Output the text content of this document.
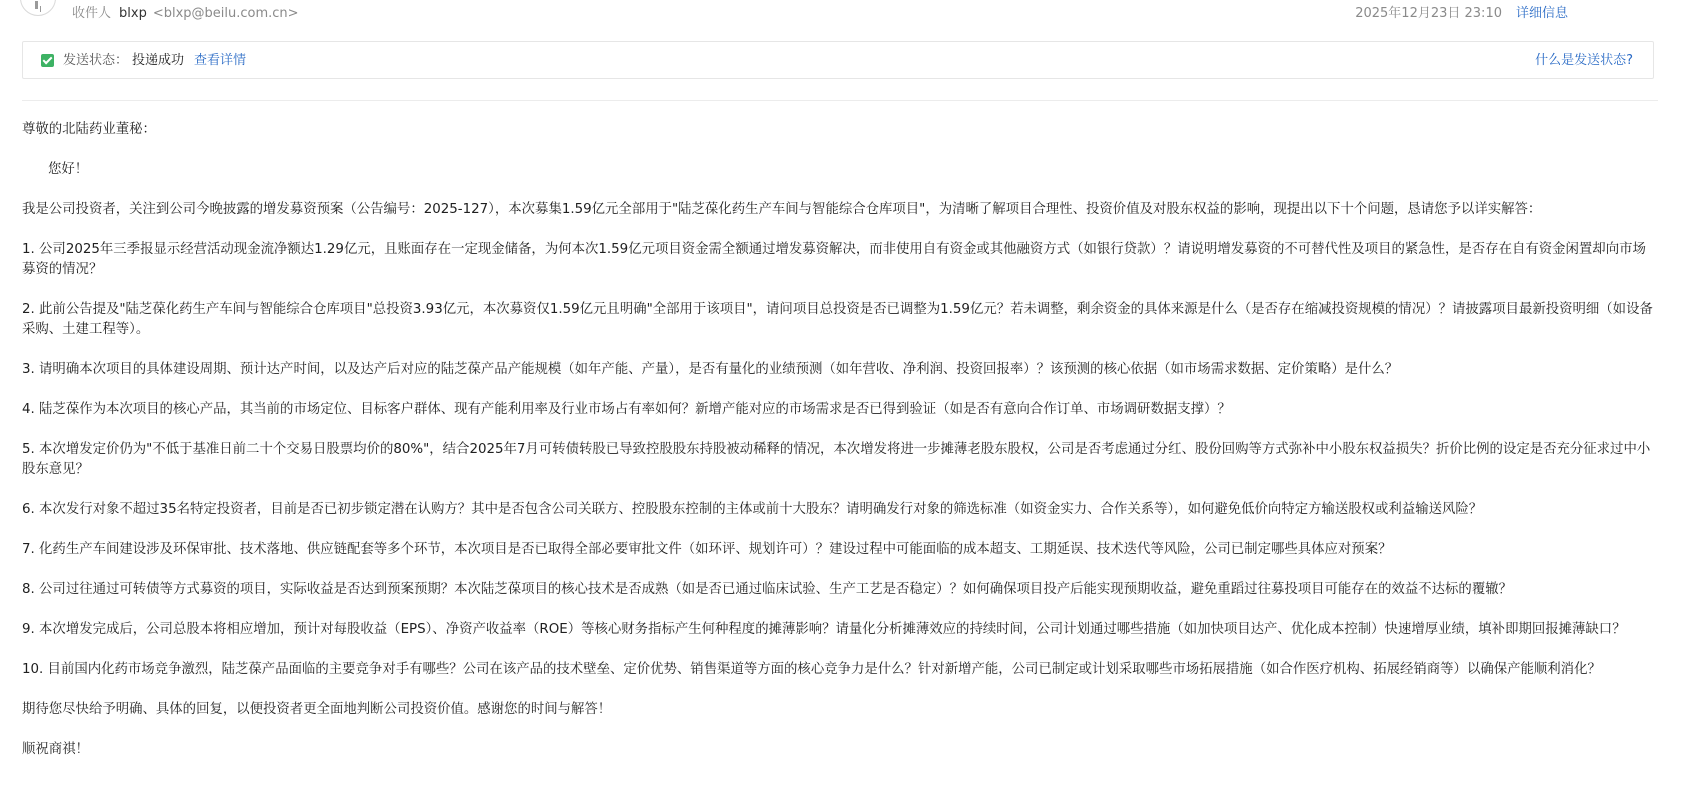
收件人 blxp <blxp@beilu.com.cn>	2025年12月23日 23:10 详细信息
发送状态： 投递成功 查看详情	什么是发送状态?

尊敬的北陆药业董秘：

您好！

我是公司投资者，关注到公司今晚披露的增发募资预案（公告编号：2025-127），本次募集1.59亿元全部用于"陆芝葆化药生产车间与智能综合仓库项目"，为清晰了解项目合理性、投资价值及对股东权益的影响，现提出以下十个问题，恳请您予以详实解答：

1. 公司2025年三季报显示经营活动现金流净额达1.29亿元，且账面存在一定现金储备，为何本次1.59亿元项目资金需全额通过增发募资解决，而非使用自有资金或其他融资方式（如银行贷款）？请说明增发募资的不可替代性及项目的紧急性，是否存在自有资金闲置却向市场募资的情况？

2. 此前公告提及"陆芝葆化药生产车间与智能综合仓库项目"总投资3.93亿元，本次募资仅1.59亿元且明确"全部用于该项目"，请问项目总投资是否已调整为1.59亿元？若未调整，剩余资金的具体来源是什么（是否存在缩减投资规模的情况）？请披露项目最新投资明细（如设备采购、土建工程等）。

3. 请明确本次项目的具体建设周期、预计达产时间，以及达产后对应的陆芝葆产品产能规模（如年产能、产量），是否有量化的业绩预测（如年营收、净利润、投资回报率）？该预测的核心依据（如市场需求数据、定价策略）是什么？

4. 陆芝葆作为本次项目的核心产品，其当前的市场定位、目标客户群体、现有产能利用率及行业市场占有率如何？新增产能对应的市场需求是否已得到验证（如是否有意向合作订单、市场调研数据支撑）？

5. 本次增发定价仍为"不低于基准日前二十个交易日股票均价的80%"，结合2025年7月可转债转股已导致控股股东持股被动稀释的情况，本次增发将进一步摊薄老股东股权，公司是否考虑通过分红、股份回购等方式弥补中小股东权益损失？折价比例的设定是否充分征求过中小股东意见？

6. 本次发行对象不超过35名特定投资者，目前是否已初步锁定潜在认购方？其中是否包含公司关联方、控股股东控制的主体或前十大股东？请明确发行对象的筛选标准（如资金实力、合作关系等），如何避免低价向特定方输送股权或利益输送风险？

7. 化药生产车间建设涉及环保审批、技术落地、供应链配套等多个环节，本次项目是否已取得全部必要审批文件（如环评、规划许可）？建设过程中可能面临的成本超支、工期延误、技术迭代等风险，公司已制定哪些具体应对预案？

8. 公司过往通过可转债等方式募资的项目，实际收益是否达到预案预期？本次陆芝葆项目的核心技术是否成熟（如是否已通过临床试验、生产工艺是否稳定）？如何确保项目投产后能实现预期收益，避免重蹈过往募投项目可能存在的效益不达标的覆辙？

9. 本次增发完成后，公司总股本将相应增加，预计对每股收益（EPS）、净资产收益率（ROE）等核心财务指标产生何种程度的摊薄影响？请量化分析摊薄效应的持续时间，公司计划通过哪些措施（如加快项目达产、优化成本控制）快速增厚业绩，填补即期回报摊薄缺口？

10. 目前国内化药市场竞争激烈，陆芝葆产品面临的主要竞争对手有哪些？公司在该产品的技术壁垒、定价优势、销售渠道等方面的核心竞争力是什么？针对新增产能，公司已制定或计划采取哪些市场拓展措施（如合作医疗机构、拓展经销商等）以确保产能顺利消化？

期待您尽快给予明确、具体的回复，以便投资者更全面地判断公司投资价值。感谢您的时间与解答！

顺祝商祺！
